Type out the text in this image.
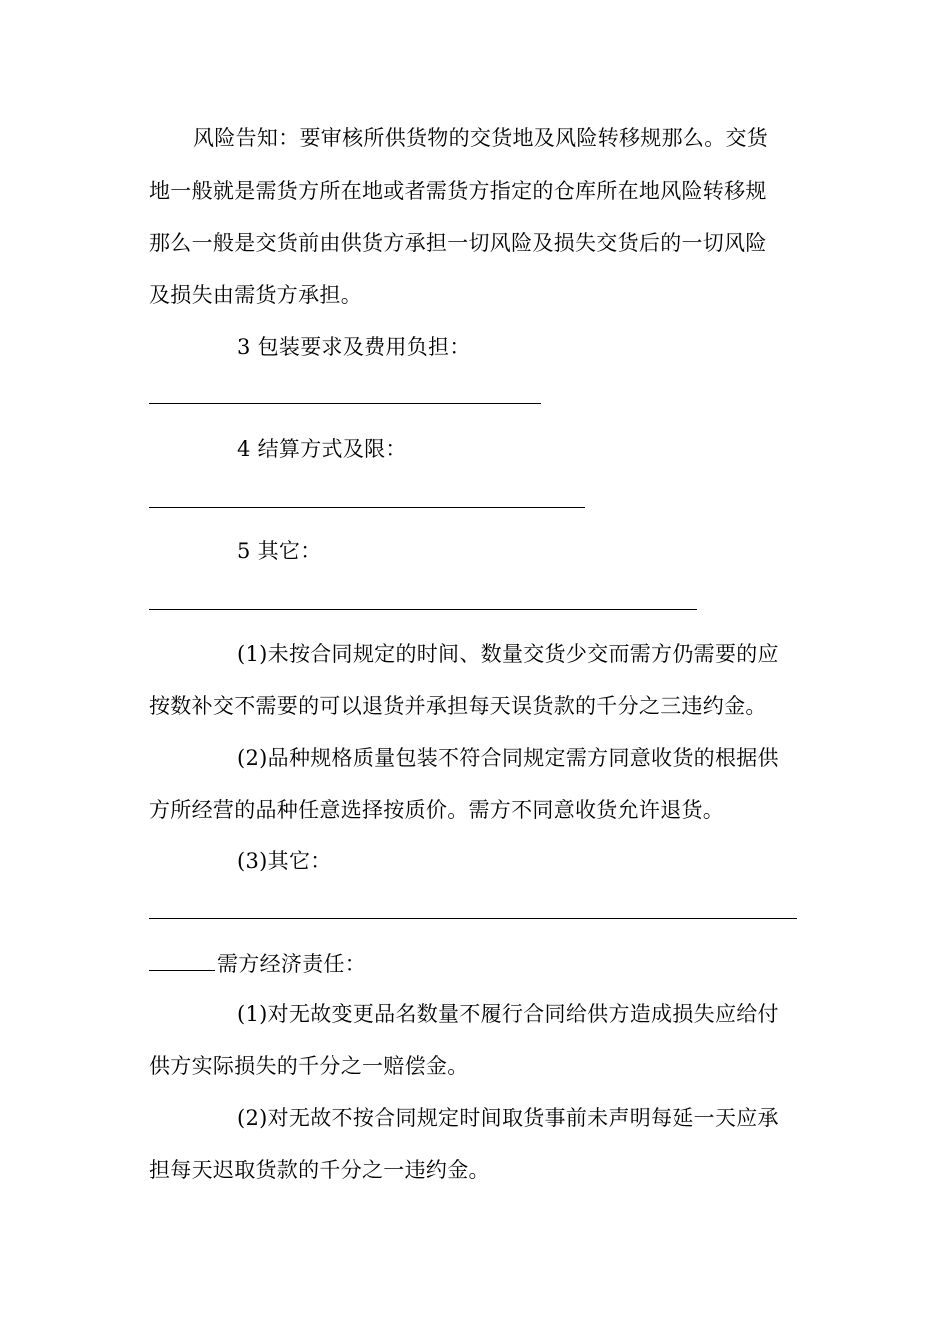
风险告知：要审核所供货物的交货地及风险转移规那么。交货
地一般就是需货方所在地或者需货方指定的仓库所在地风险转移规
那么一般是交货前由供货方承担一切风险及损失交货后的一切风险
及损失由需货方承担。
3 包装要求及费用负担：
4 结算方式及限：
5 其它：
(1)未按合同规定的时间、数量交货少交而需方仍需要的应
按数补交不需要的可以退货并承担每天误货款的千分之三违约金。
(2)品种规格质量包装不符合同规定需方同意收货的根据供
方所经营的品种任意选择按质价。需方不同意收货允许退货。
(3)其它：
需方经济责任：
(1)对无故变更品名数量不履行合同给供方造成损失应给付
供方实际损失的千分之一赔偿金。
(2)对无故不按合同规定时间取货事前未声明每延一天应承
担每天迟取货款的千分之一违约金。
